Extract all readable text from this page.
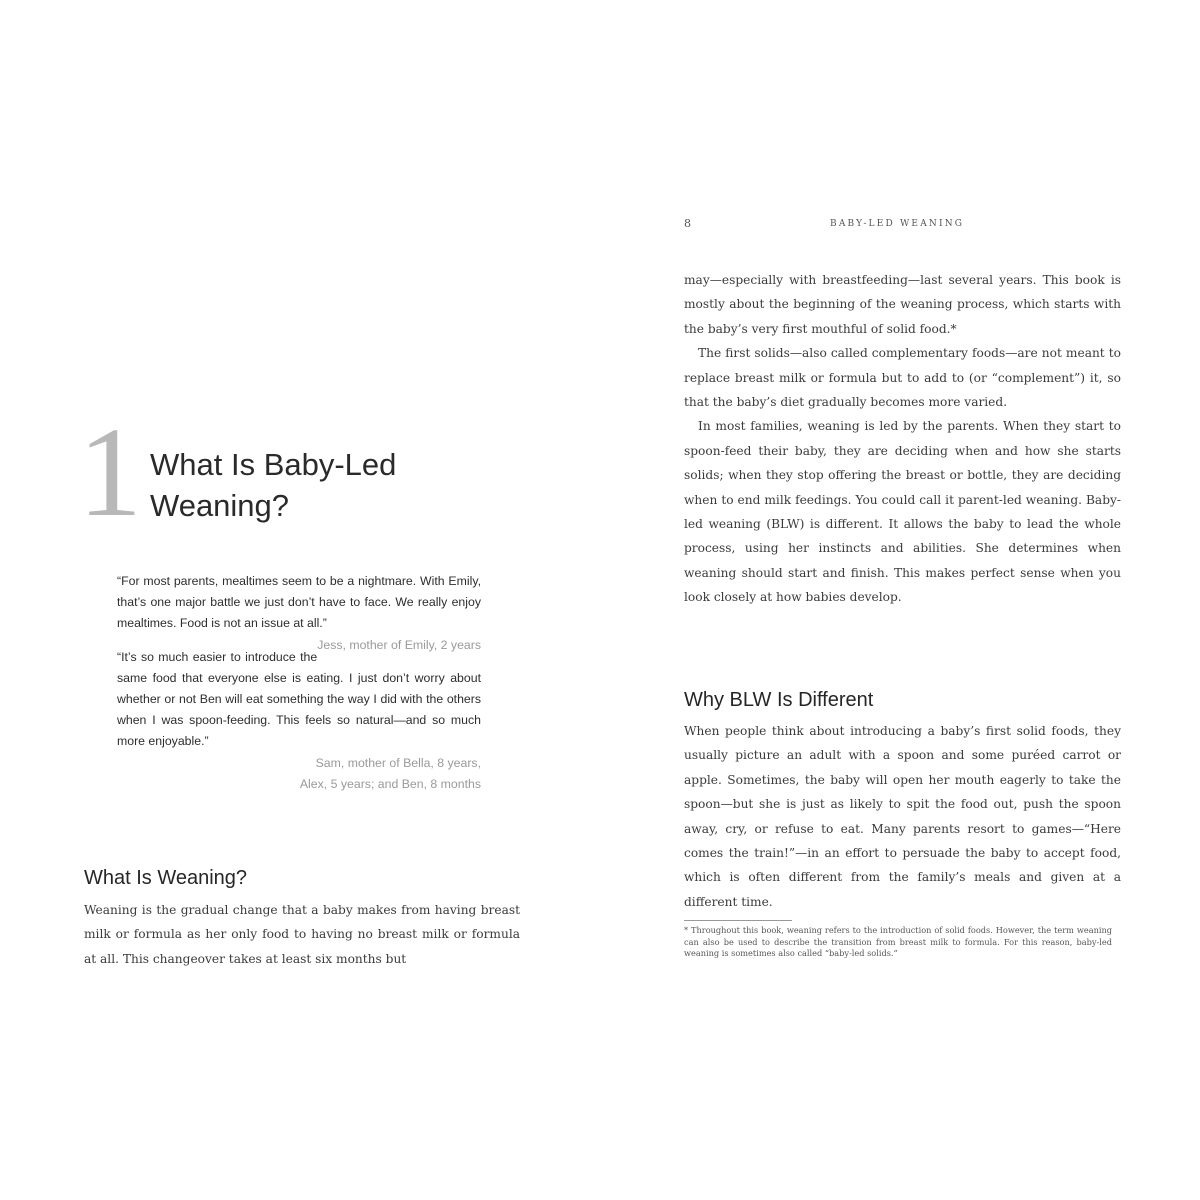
1 What Is Baby-Led Weaning?

“For most parents, mealtimes seem to be a nightmare. With Emily, that’s one major battle we just don’t have to face. We really enjoy mealtimes. Food is not an issue at all.”
Jess, mother of Emily, 2 years

“It’s so much easier to introduce the same food that everyone else is eating. I just don’t worry about whether or not Ben will eat something the way I did with the others when I was spoon-feeding. This feels so natural—and so much more enjoyable.”
Sam, mother of Bella, 8 years,
Alex, 5 years; and Ben, 8 months

What Is Weaning?

Weaning is the gradual change that a baby makes from having breast milk or formula as her only food to having no breast milk or formula at all. This changeover takes at least six months but

8	BABY-LED WEANING

may—especially with breastfeeding—last several years. This book is mostly about the beginning of the weaning process, which starts with the baby’s very first mouthful of solid food.*

The first solids—also called complementary foods—are not meant to replace breast milk or formula but to add to (or “complement”) it, so that the baby’s diet gradually becomes more varied.

In most families, weaning is led by the parents. When they start to spoon-feed their baby, they are deciding when and how she starts solids; when they stop offering the breast or bottle, they are deciding when to end milk feedings. You could call it parent-led weaning. Baby-led weaning (BLW) is different. It allows the baby to lead the whole process, using her instincts and abilities. She determines when weaning should start and finish. This makes perfect sense when you look closely at how babies develop.

Why BLW Is Different

When people think about introducing a baby’s first solid foods, they usually picture an adult with a spoon and some puréed carrot or apple. Sometimes, the baby will open her mouth eagerly to take the spoon—but she is just as likely to spit the food out, push the spoon away, cry, or refuse to eat. Many parents resort to games—“Here comes the train!”—in an effort to persuade the baby to accept food, which is often different from the family’s meals and given at a different time.

* Throughout this book, weaning refers to the introduction of solid foods. However, the term weaning can also be used to describe the transition from breast milk to formula. For this reason, baby-led weaning is sometimes also called “baby-led solids.”
